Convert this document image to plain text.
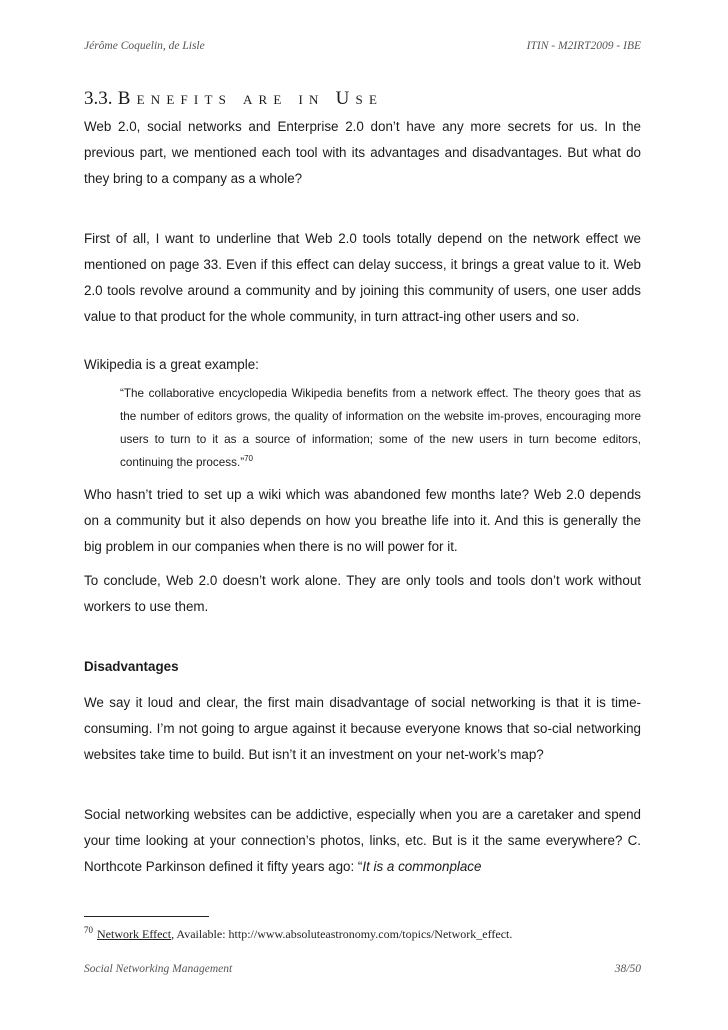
Jérôme Coquelin, de Lisle	ITIN - M2IRT2009 - IBE
3.3. Benefits are in Use
Web 2.0, social networks and Enterprise 2.0 don’t have any more secrets for us. In the previous part, we mentioned each tool with its advantages and disadvantages. But what do they bring to a company as a whole?
First of all, I want to underline that Web 2.0 tools totally depend on the network effect we mentioned on page 33. Even if this effect can delay success, it brings a great value to it. Web 2.0 tools revolve around a community and by joining this community of users, one user adds value to that product for the whole community, in turn attract-ing other users and so.
Wikipedia is a great example:
“The collaborative encyclopedia Wikipedia benefits from a network effect. The theory goes that as the number of editors grows, the quality of information on the website im-proves, encouraging more users to turn to it as a source of information; some of the new users in turn become editors, continuing the process.”$^{70}$
Who hasn’t tried to set up a wiki which was abandoned few months late? Web 2.0 depends on a community but it also depends on how you breathe life into it. And this is generally the big problem in our companies when there is no will power for it.
To conclude, Web 2.0 doesn’t work alone. They are only tools and tools don’t work without workers to use them.
Disadvantages
We say it loud and clear, the first main disadvantage of social networking is that it is time-consuming. I’m not going to argue against it because everyone knows that so-cial networking websites take time to build. But isn’t it an investment on your net-work’s map?
Social networking websites can be addictive, especially when you are a caretaker and spend your time looking at your connection’s photos, links, etc. But is it the same everywhere? C. Northcote Parkinson defined it fifty years ago: “It is a commonplace
$^{70}$ Network Effect, Available: http://www.absoluteastronomy.com/topics/Network_effect.
Social Networking Management	38/50
